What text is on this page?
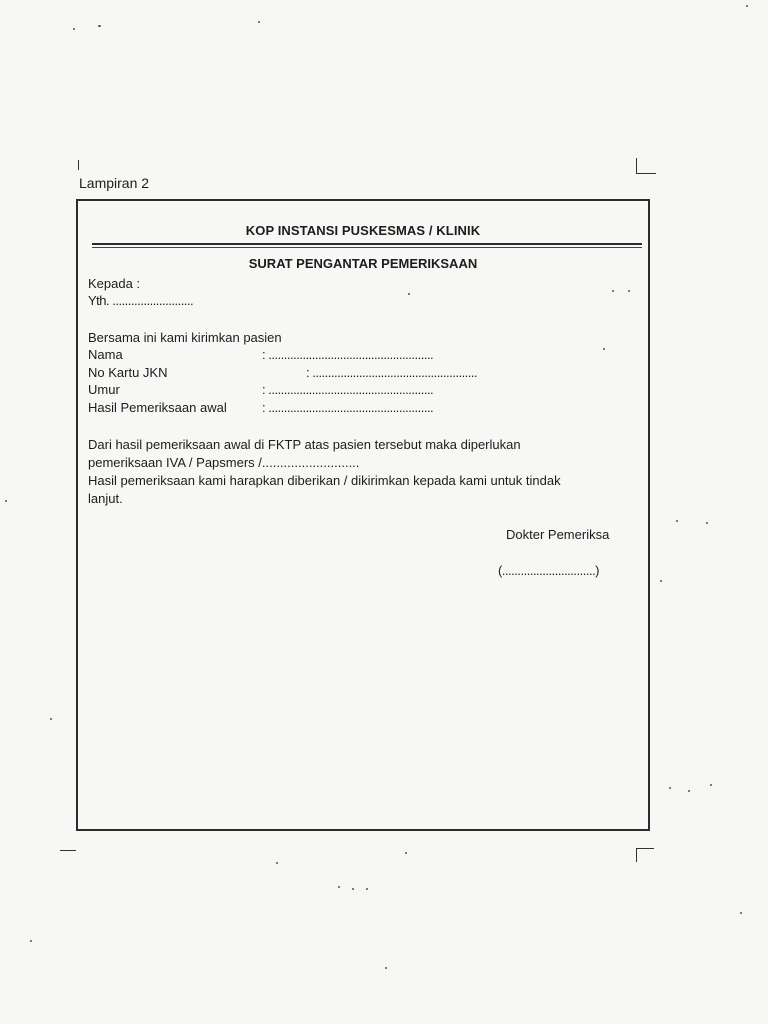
Lampiran 2
KOP INSTANSI PUSKESMAS / KLINIK
SURAT PENGANTAR PEMERIKSAAN
Kepada :
Yth. ..........................
Bersama ini kami kirimkan pasien
Nama	: .....................................................
No Kartu JKN	: .....................................................
Umur	: .....................................................
Hasil Pemeriksaan awal	: .....................................................
Dari hasil pemeriksaan awal di FKTP atas pasien tersebut maka diperlukan
pemeriksaan IVA / Papsmers /...........................
Hasil pemeriksaan kami harapkan diberikan / dikirimkan kepada kami untuk tindak
lanjut.
Dokter Pemeriksa
(..............................)
